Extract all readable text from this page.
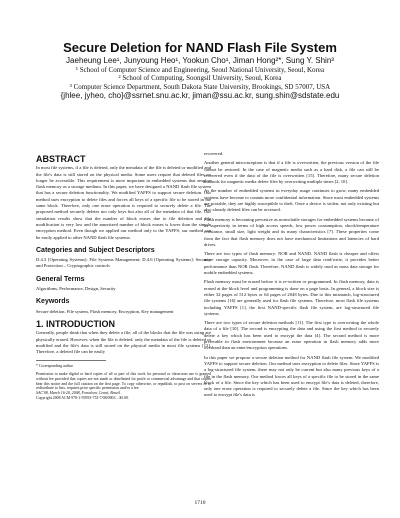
Secure Deletion for NAND Flash File System
Jaeheung Lee¹, Junyoung Heo¹, Yookun Cho¹, Jiman Hong²*, Sung Y. Shin³
¹ School of Computer Science and Engineering, Seoul National University, Seoul, Korea
² School of Computing, Soongsil University, Seoul, Korea
³ Computer Science Department, South Dakota State University, Brookings, SD 57007, USA
{jhlee, jyheo, cho}@ssrnet.snu.ac.kr, jiman@ssu.ac.kr, sung.shin@sdstate.edu
ABSTRACT

In most file systems, if a file is deleted, only the metadata of the file is deleted or modified and the file's data is still stored on the physical media. Some users require that deleted files no longer be accessible. This requirement is more important in embedded systems that employ flash memory as a storage medium. In this paper, we have designed a NAND flash file system that has a secure deletion functionality. We modified YAFFS to support secure deletion. Our method uses encryption to delete files and forces all keys of a specific file to be stored in the same block. Therefore, only one erase operation is required to securely delete a file. The proposed method securely deletes not only keys but also all of the metadata of that file. Our simulation results show that the number of block erases due to file deletion and file modification is very low and the amortized number of block erases is lower than the simple encryption method. Even though we applied our method only to the YAFFS, our method can be easily applied to other NAND flash file systems.

Categories and Subject Descriptors

D.4.3 [Operating Systems]: File Systems Management; D.4.6 [Operating Systems]: Security and Protection – Cryptographic controls

General Terms

Algorithms, Performance, Design, Security

Keywords

Secure deletion, File system, Flash memory, Encryption, Key management

1. INTRODUCTION

Generally, people think that when they delete a file, all of the blocks that the file was using are physically erased. However, when the file is deleted, only the metadata of the file is deleted or modified and the file's data is still stored on the physical media in most file systems [12]. Therefore, a deleted file can be easily

* Corresponding author
Permission to make digital or hard copies of all or part of this work for personal or classroom use is granted without fee provided that copies are not made or distributed for profit or commercial advantage and that copies bear this notice and the full citation on the first page. To copy otherwise, or republish, to post on servers or to redistribute to lists, requires prior specific permission and/or a fee.
SAC'08, March 16-20, 2008, Fortaleza, Ceará, Brazil.
Copyright 2008 ACM 978-1-59593-753-7/08/0003…$5.00.

recovered.

Another general misconception is that if a file is overwritten, the previous version of the file cannot be restored. In the case of magnetic media such as a hard disk, a file can still be recovered even if the data of the file is overwritten [15]. Therefore, many secure deletion methods for magnetic media delete files by overwriting multiple times [2, 10].

As the number of embedded systems in everyday usage continues to grow, many embedded systems have become to contain more confidential information. Since most embedded systems are portable, they are highly susceptible to theft. Once a device is stolen, not only existing but also already deleted files can be accessed.

Flash memory is becoming pervasive as nonvolatile storages for embedded systems because of its superiority in terms of high access speeds, low power consumption, shock/temperature resistance, small size, light weight and its many characteristics [7]. These properties come from the fact that flash memory does not have mechanical limitations and latencies of hard drives.

There are two types of flash memory: NOR and NAND. NAND flash is cheaper and offers more storage capacity. Moreover, in the case of large data read/write, it provides better performance than NOR flash. Therefore, NAND flash is widely used as mass data storage for mobile embedded systems.

Flash memory must be erased before it is re-written or programmed. In flash memory, data is erased at the block level and programming is done on a page basis. In general, a block size is either 32 pages of 512 bytes or 64 pages of 2048 bytes. Due to this mismatch, log-structured file systems [16] are generally used for flash file systems. Therefore, most flash file systems including YAFFS [1], the first NAND-specific flash file system, are log-structured file systems.

There are two types of secure deletion methods [11]. The first type is overwriting the whole data of a file [10]. The second is encrypting the data and using the first method to securely delete a key which has been used to encrypt the data [4]. The second method is more preferable in flash environment because an erase operation in flash memory adds more overhead than an enter/encryption operations.

In this paper we propose a secure deletion method for NAND flash file system. We modified YAFFS to support secure deletion. Our method uses encryption to delete files. Since YAFFS is a log-structured file system, there may not only be current but also many previous keys of a file in the flash memory. Our method forces all keys of a specific file to be stored in the same block of a file. Since the key which has been used to encrypt file's data is deleted, therefore, only one erase operation is required to securely delete a file. Since the key which has been used to encrypt file's data is

1710
